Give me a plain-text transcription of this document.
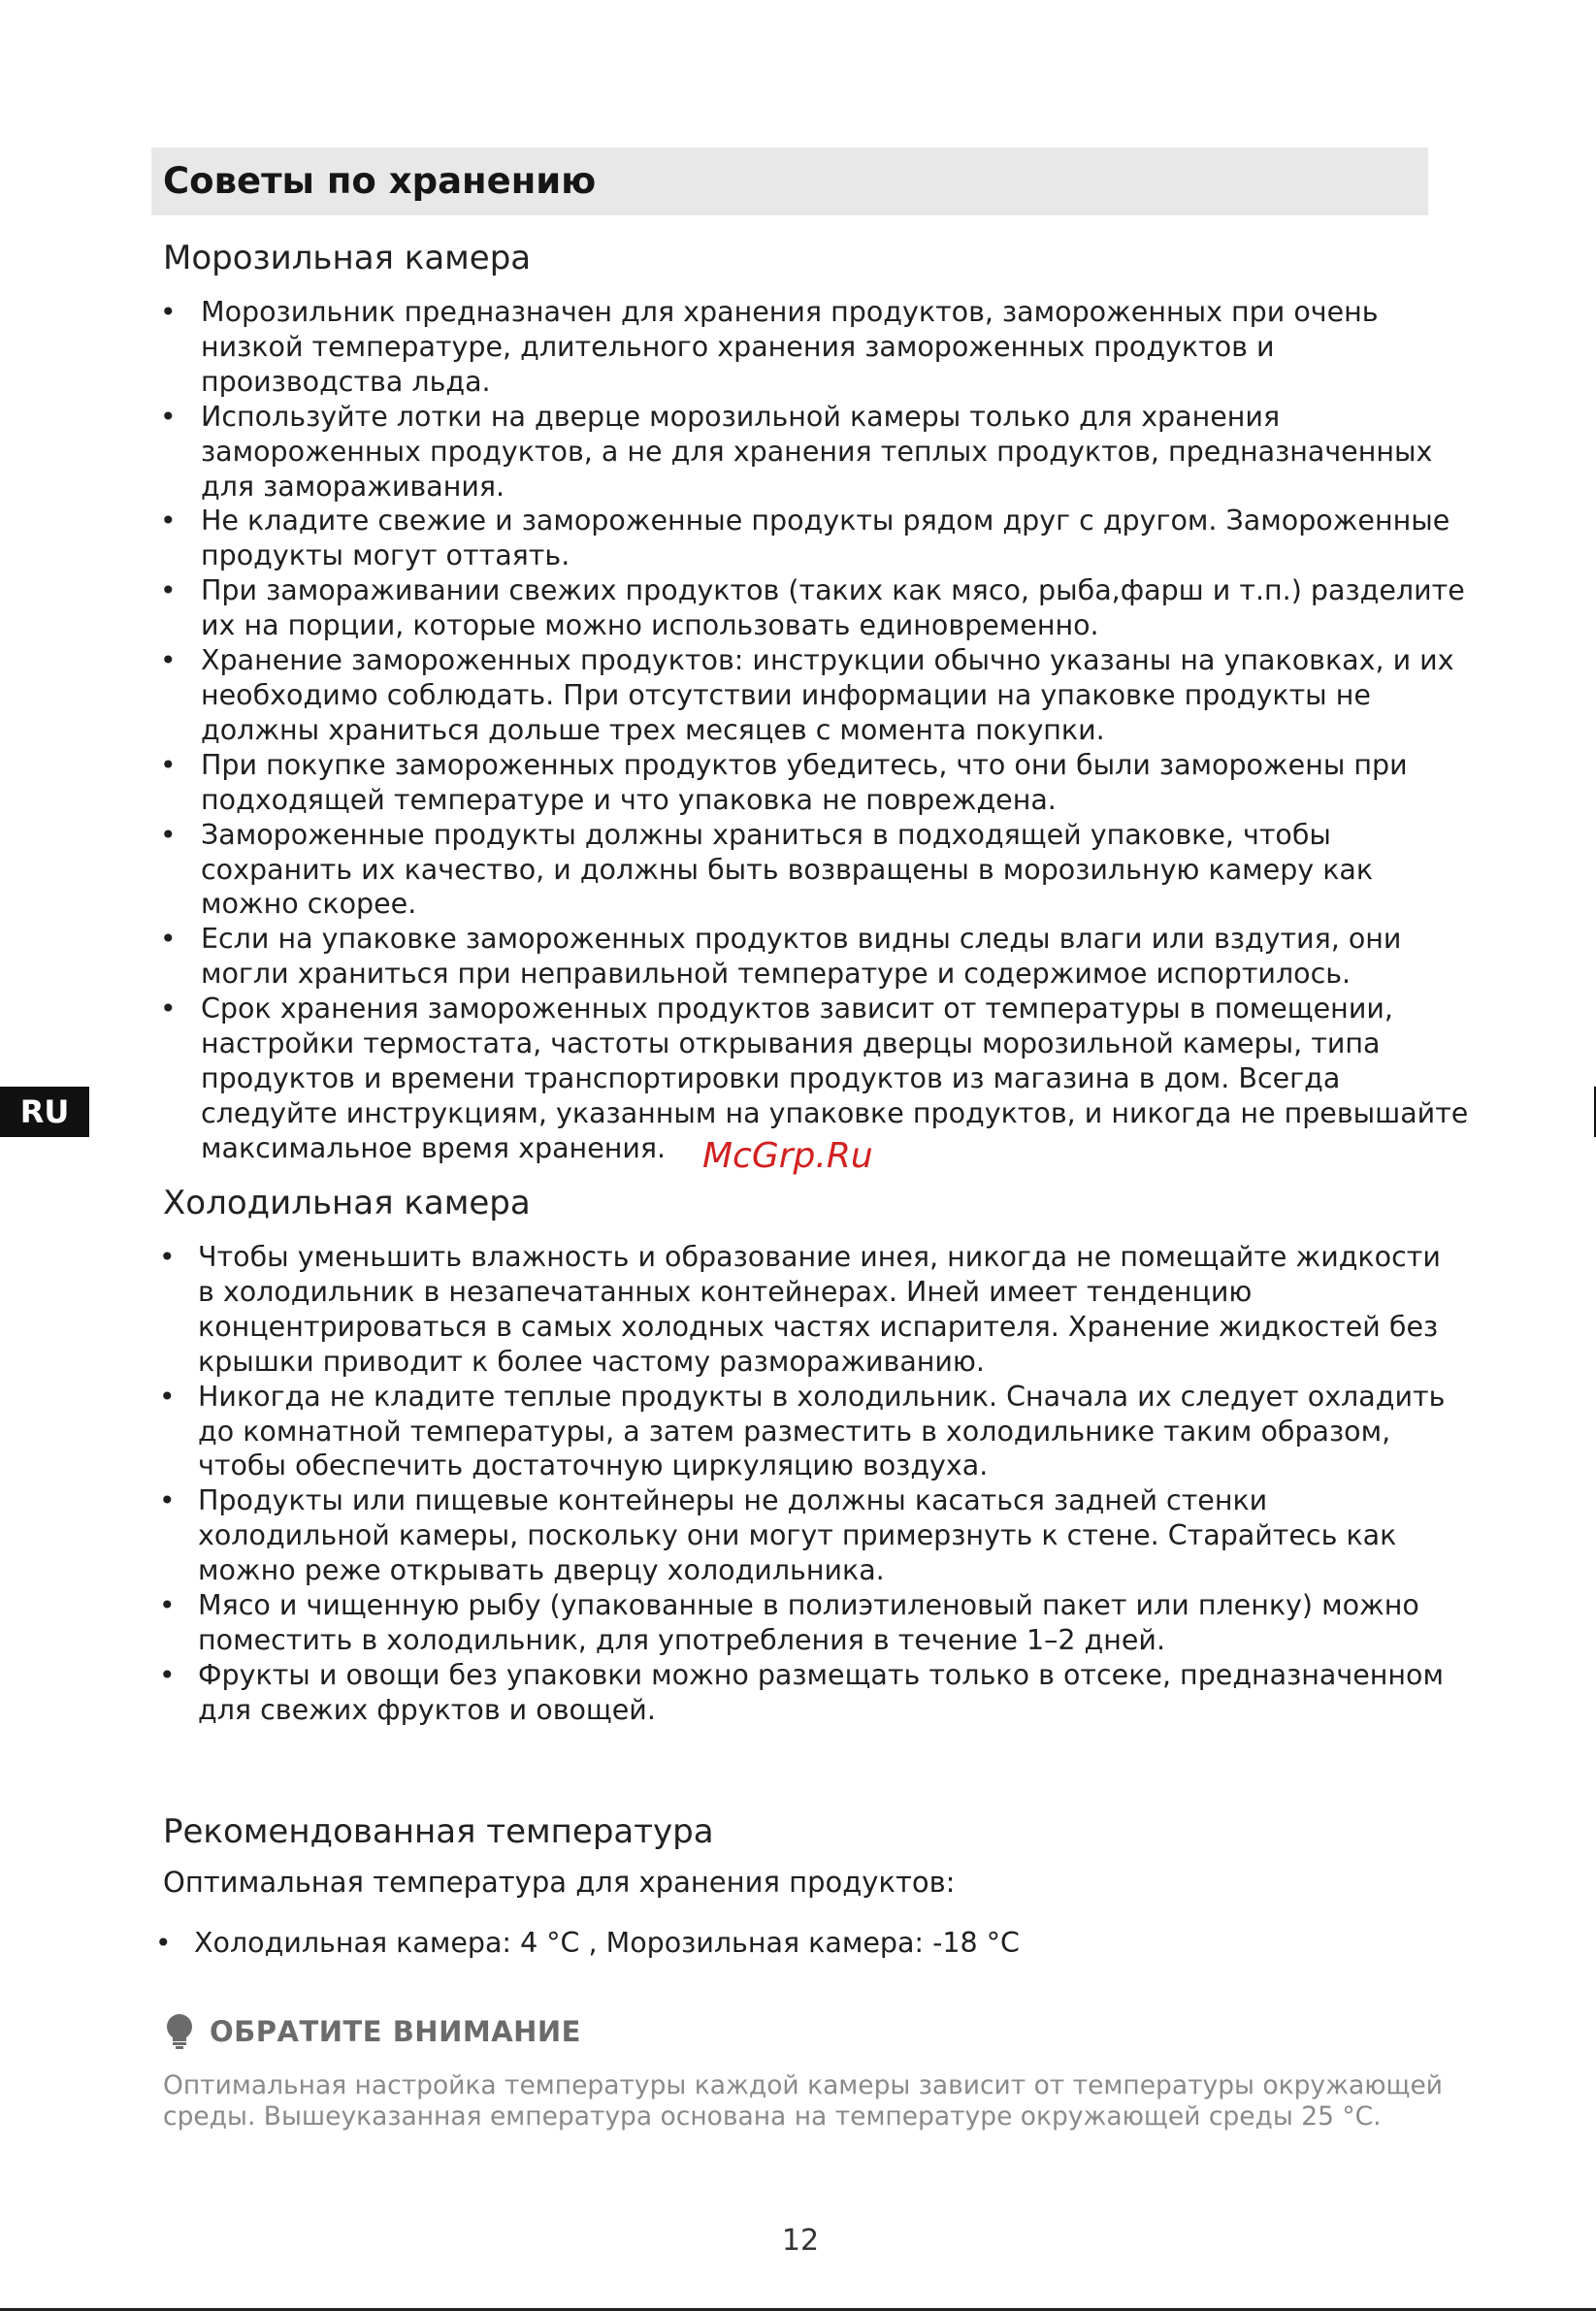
Советы по хранению
Морозильная камера
• Морозильник предназначен для хранения продуктов, замороженных при очень низкой температуре, длительного хранения замороженных продуктов и производства льда.
• Используйте лотки на дверце морозильной камеры только для хранения замороженных продуктов, а не для хранения теплых продуктов, предназначенных для замораживания.
• Не кладите свежие и замороженные продукты рядом друг с другом. Замороженные продукты могут оттаять.
• При замораживании свежих продуктов (таких как мясо, рыба,фарш и т.п.) разделите их на порции, которые можно использовать единовременно.
• Хранение замороженных продуктов: инструкции обычно указаны на упаковках, и их необходимо соблюдать. При отсутствии информации на упаковке продукты не должны храниться дольше трех месяцев с момента покупки.
• При покупке замороженных продуктов убедитесь, что они были заморожены при подходящей температуре и что упаковка не повреждена.
• Замороженные продукты должны храниться в подходящей упаковке, чтобы сохранить их качество, и должны быть возвращены в морозильную камеру как можно скорее.
• Если на упаковке замороженных продуктов видны следы влаги или вздутия, они могли храниться при неправильной температуре и содержимое испортилось.
• Срок хранения замороженных продуктов зависит от температуры в помещении, настройки термостата, частоты открывания дверцы морозильной камеры, типа продуктов и времени транспортировки продуктов из магазина в дом. Всегда следуйте инструкциям, указанным на упаковке продуктов, и никогда не превышайте максимальное время хранения.	McGrp.Ru
Холодильная камера
• Чтобы уменьшить влажность и образование инея, никогда не помещайте жидкости в холодильник в незапечатанных контейнерах. Иней имеет тенденцию концентрироваться в самых холодных частях испарителя. Хранение жидкостей без крышки приводит к более частому размораживанию.
• Никогда не кладите теплые продукты в холодильник. Сначала их следует охладить до комнатной температуры, а затем разместить в холодильнике таким образом, чтобы обеспечить достаточную циркуляцию воздуха.
• Продукты или пищевые контейнеры не должны касаться задней стенки холодильной камеры, поскольку они могут примерзнуть к стене. Старайтесь как можно реже открывать дверцу холодильника.
• Мясо и чищенную рыбу (упакованные в полиэтиленовый пакет или пленку) можно поместить в холодильник, для употребления в течение 1–2 дней.
• Фрукты и овощи без упаковки можно размещать только в отсеке, предназначенном для свежих фруктов и овощей.
Рекомендованная температура

Оптимальная температура для хранения продуктов:

• Холодильная камера: 4 °C , Морозильная камера: -18 °C
ОБРАТИТЕ ВНИМАНИЕ

Оптимальная настройка температуры каждой камеры зависит от температуры окружающей среды. Вышеуказанная емпература основана на температуре окружающей среды 25 °C.

12
RU
